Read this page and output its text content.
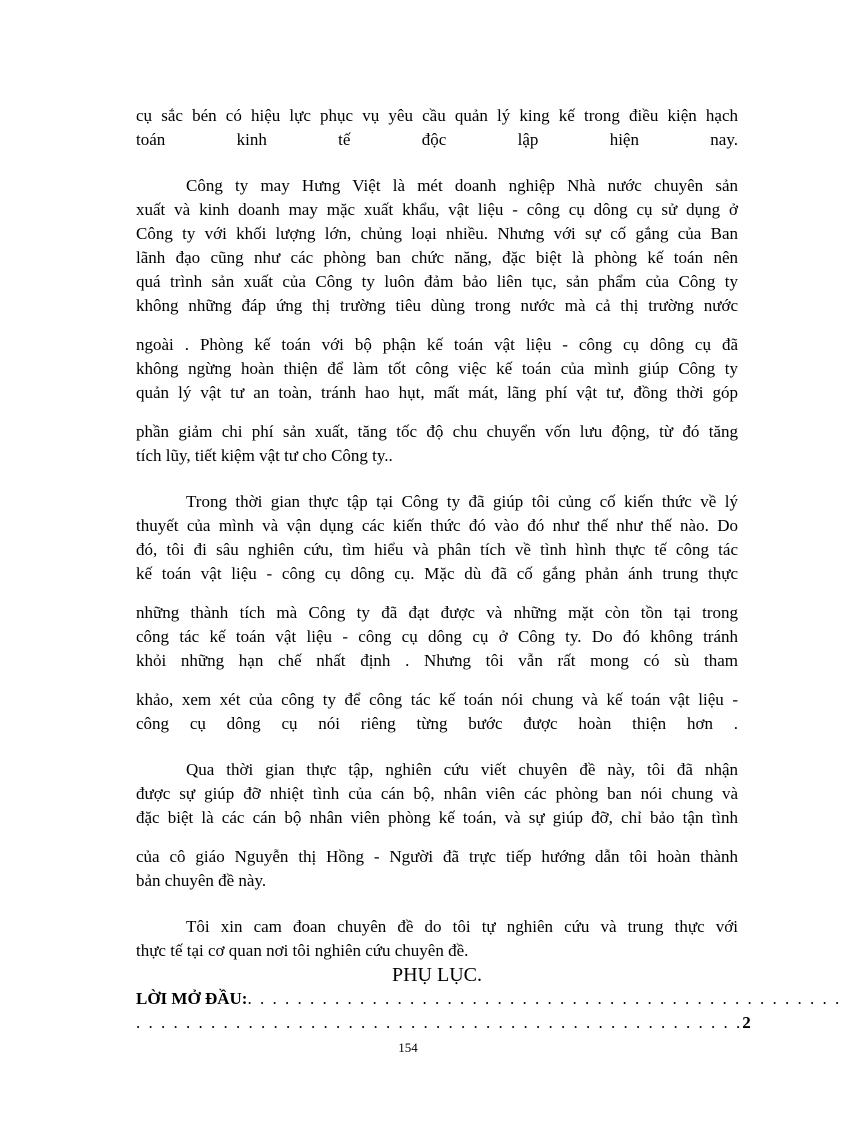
cụ sắc bén có hiệu lực phục vụ yêu cầu quản lý king kế trong điều kiện hạch
toán kinh tế độc lập hiện nay.
Công ty may Hưng Việt là mét doanh nghiệp Nhà nước chuyên sản
xuất và kinh doanh may mặc xuất khẩu, vật liệu - công cụ dông cụ sử dụng ở
Công ty với khối lượng lớn, chủng loại nhiều. Nhưng với sự cố gắng của Ban
lãnh đạo cũng như các phòng ban chức năng, đặc biệt là phòng kế toán nên
quá trình sản xuất của Công ty luôn đảm bảo liên tục, sản phẩm của Công ty
không những đáp ứng thị trường tiêu dùng trong nước mà cả thị trường nước
ngoài . Phòng kế toán với bộ phận kế toán vật liệu - công cụ dông cụ đã
không ngừng hoàn thiện để làm tốt công việc kế toán của mình giúp Công ty
quản lý vật tư an toàn, tránh hao hụt, mất mát, lãng phí vật tư, đồng thời góp
phần giảm chi phí sản xuất, tăng tốc độ chu chuyển vốn lưu động, từ đó tăng
tích lũy, tiết kiệm vật tư cho Công ty..
Trong thời gian thực tập tại Công ty đã giúp tôi củng cố kiến thức về lý
thuyết của mình và vận dụng các kiến thức đó vào đó như thế như thế nào. Do
đó, tôi đi sâu nghiên cứu, tìm hiểu và phân tích về tình hình thực tế công tác
kế toán vật liệu - công cụ dông cụ. Mặc dù đã cố gắng phản ánh trung thực
những thành tích mà Công ty đã đạt được và những mặt còn tồn tại trong
công tác kế toán vật liệu - công cụ dông cụ ở Công ty. Do đó không tránh
khỏi những hạn chế nhất định . Nhưng tôi vẫn rất mong có sù tham
khảo, xem xét của công ty để công tác kế toán nói chung và kế toán vật liệu -
công cụ dông cụ nói riêng từng bước được hoàn thiện hơn .
Qua thời gian thực tập, nghiên cứu viết chuyên đề này, tôi đã nhận
được sự giúp đỡ nhiệt tình của cán bộ, nhân viên các phòng ban nói chung và
đặc biệt là các cán bộ nhân viên phòng kế toán, và sự giúp đỡ, chỉ bảo tận tình
của cô giáo Nguyễn thị Hồng - Người đã trực tiếp hướng dẫn tôi hoàn thành
bản chuyên đề này.
Tôi xin cam đoan chuyên đề do tôi tự nghiên cứu và trung thực với
thực tế tại cơ quan nơi tôi nghiên cứu chuyên đề.
PHỤ LỤC.
LỜI MỞ ĐẦU:. . . . . . . . . . . . . . . . . . . . . . . . . . . . . . . . . . . . . . . . . . . . . . . .
. . . . . . . . . . . . . . . . . . . . . . . . . . . . . . . . . . . . . . . . . . . . . . . . .2
154
